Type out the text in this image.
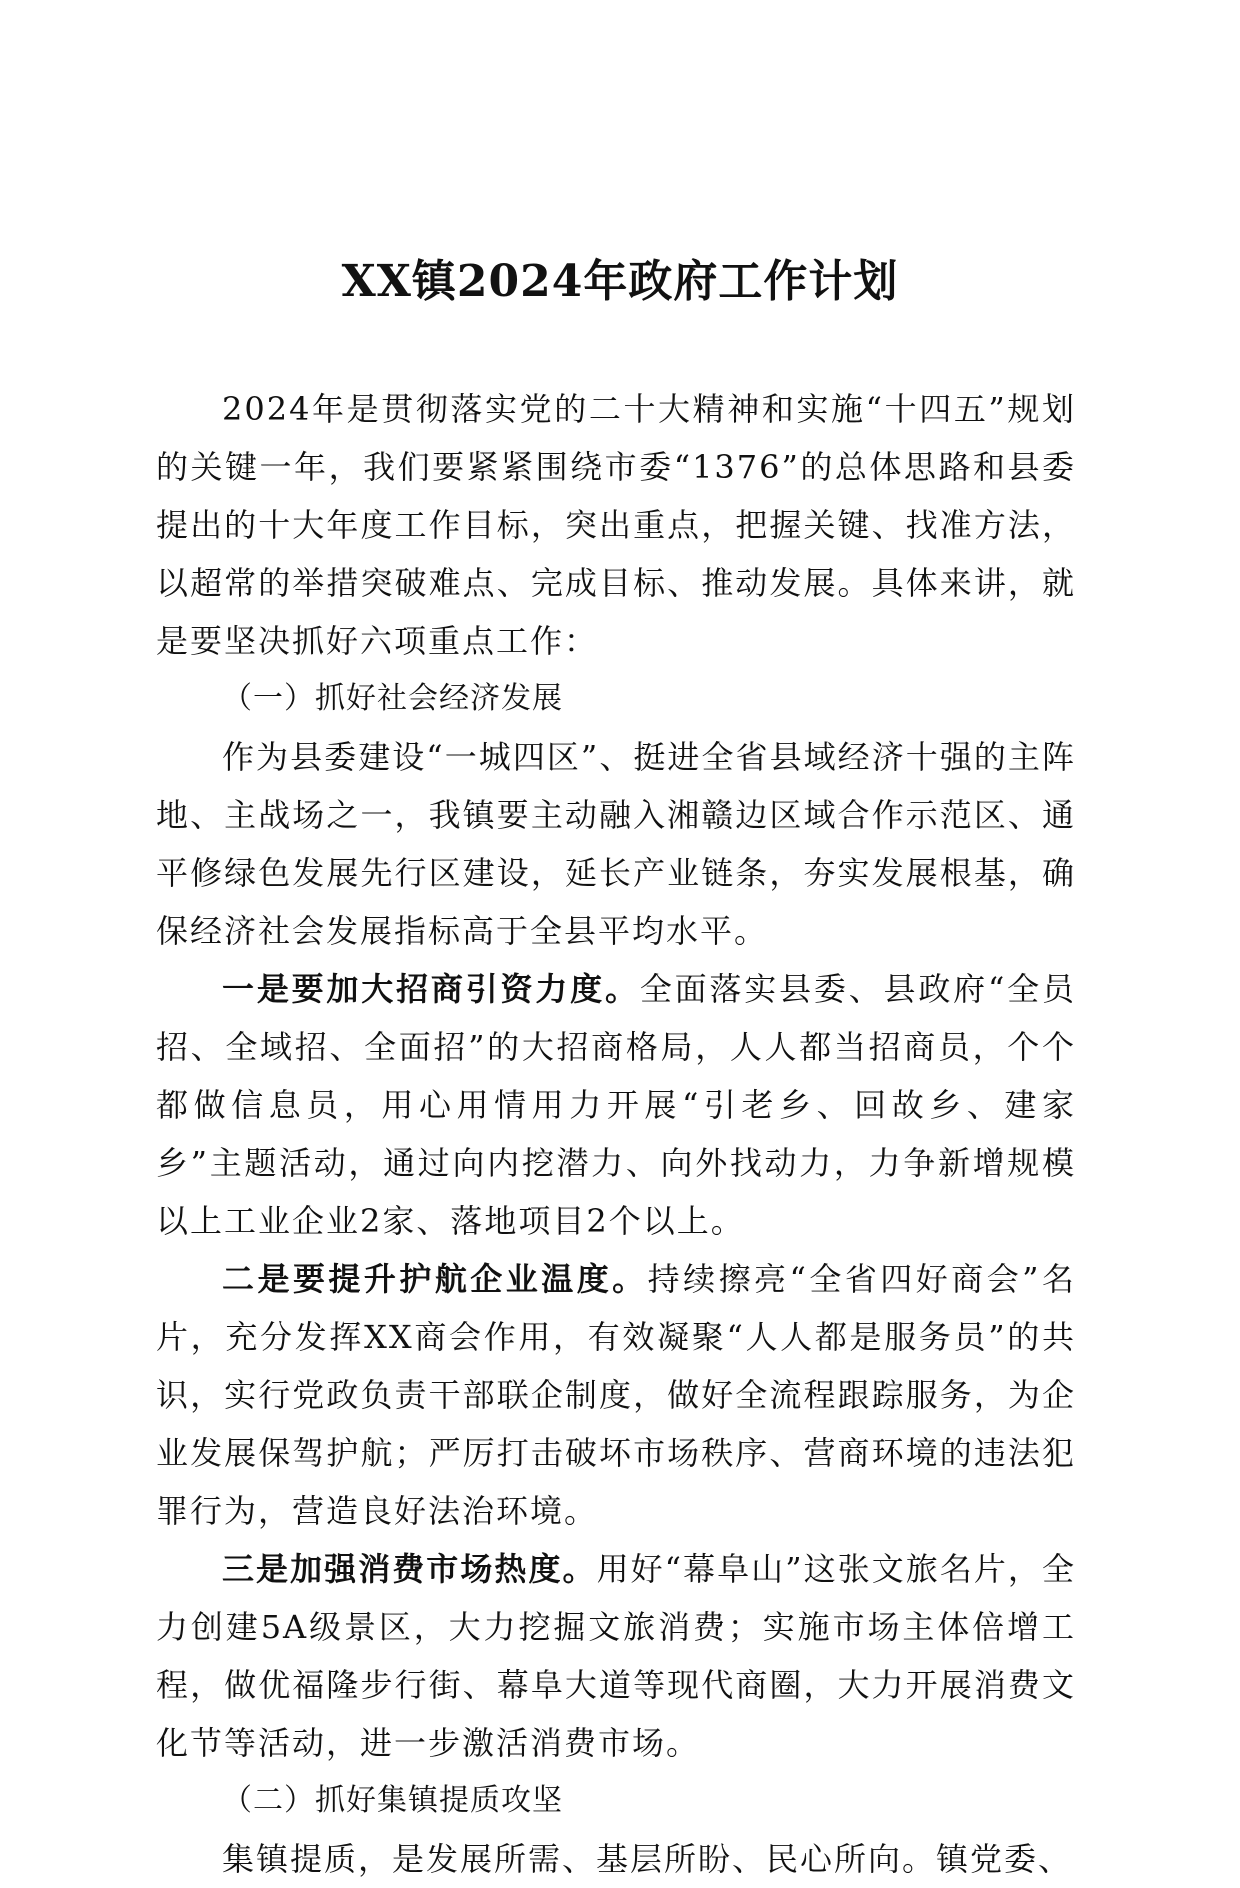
XX镇2024年政府工作计划

2024年是贯彻落实党的二十大精神和实施“十四五”规划的关键一年，我们要紧紧围绕市委“1376”的总体思路和县委提出的十大年度工作目标，突出重点，把握关键、找准方法，以超常的举措突破难点、完成目标、推动发展。具体来讲，就是要坚决抓好六项重点工作：

（一）抓好社会经济发展

作为县委建设“一城四区”、挺进全省县域经济十强的主阵地、主战场之一，我镇要主动融入湘赣边区域合作示范区、通平修绿色发展先行区建设，延长产业链条，夯实发展根基，确保经济社会发展指标高于全县平均水平。

一是要加大招商引资力度。全面落实县委、县政府“全员招、全域招、全面招”的大招商格局，人人都当招商员，个个都做信息员，用心用情用力开展“引老乡、回故乡、建家乡”主题活动，通过向内挖潜力、向外找动力，力争新增规模以上工业企业2家、落地项目2个以上。

二是要提升护航企业温度。持续擦亮“全省四好商会”名片，充分发挥XX商会作用，有效凝聚“人人都是服务员”的共识，实行党政负责干部联企制度，做好全流程跟踪服务，为企业发展保驾护航；严厉打击破坏市场秩序、营商环境的违法犯罪行为，营造良好法治环境。

三是加强消费市场热度。用好“幕阜山”这张文旅名片，全力创建5A级景区，大力挖掘文旅消费；实施市场主体倍增工程，做优福隆步行街、幕阜大道等现代商圈，大力开展消费文化节等活动，进一步激活消费市场。

（二）抓好集镇提质攻坚

集镇提质，是发展所需、基层所盼、民心所向。镇党委、
